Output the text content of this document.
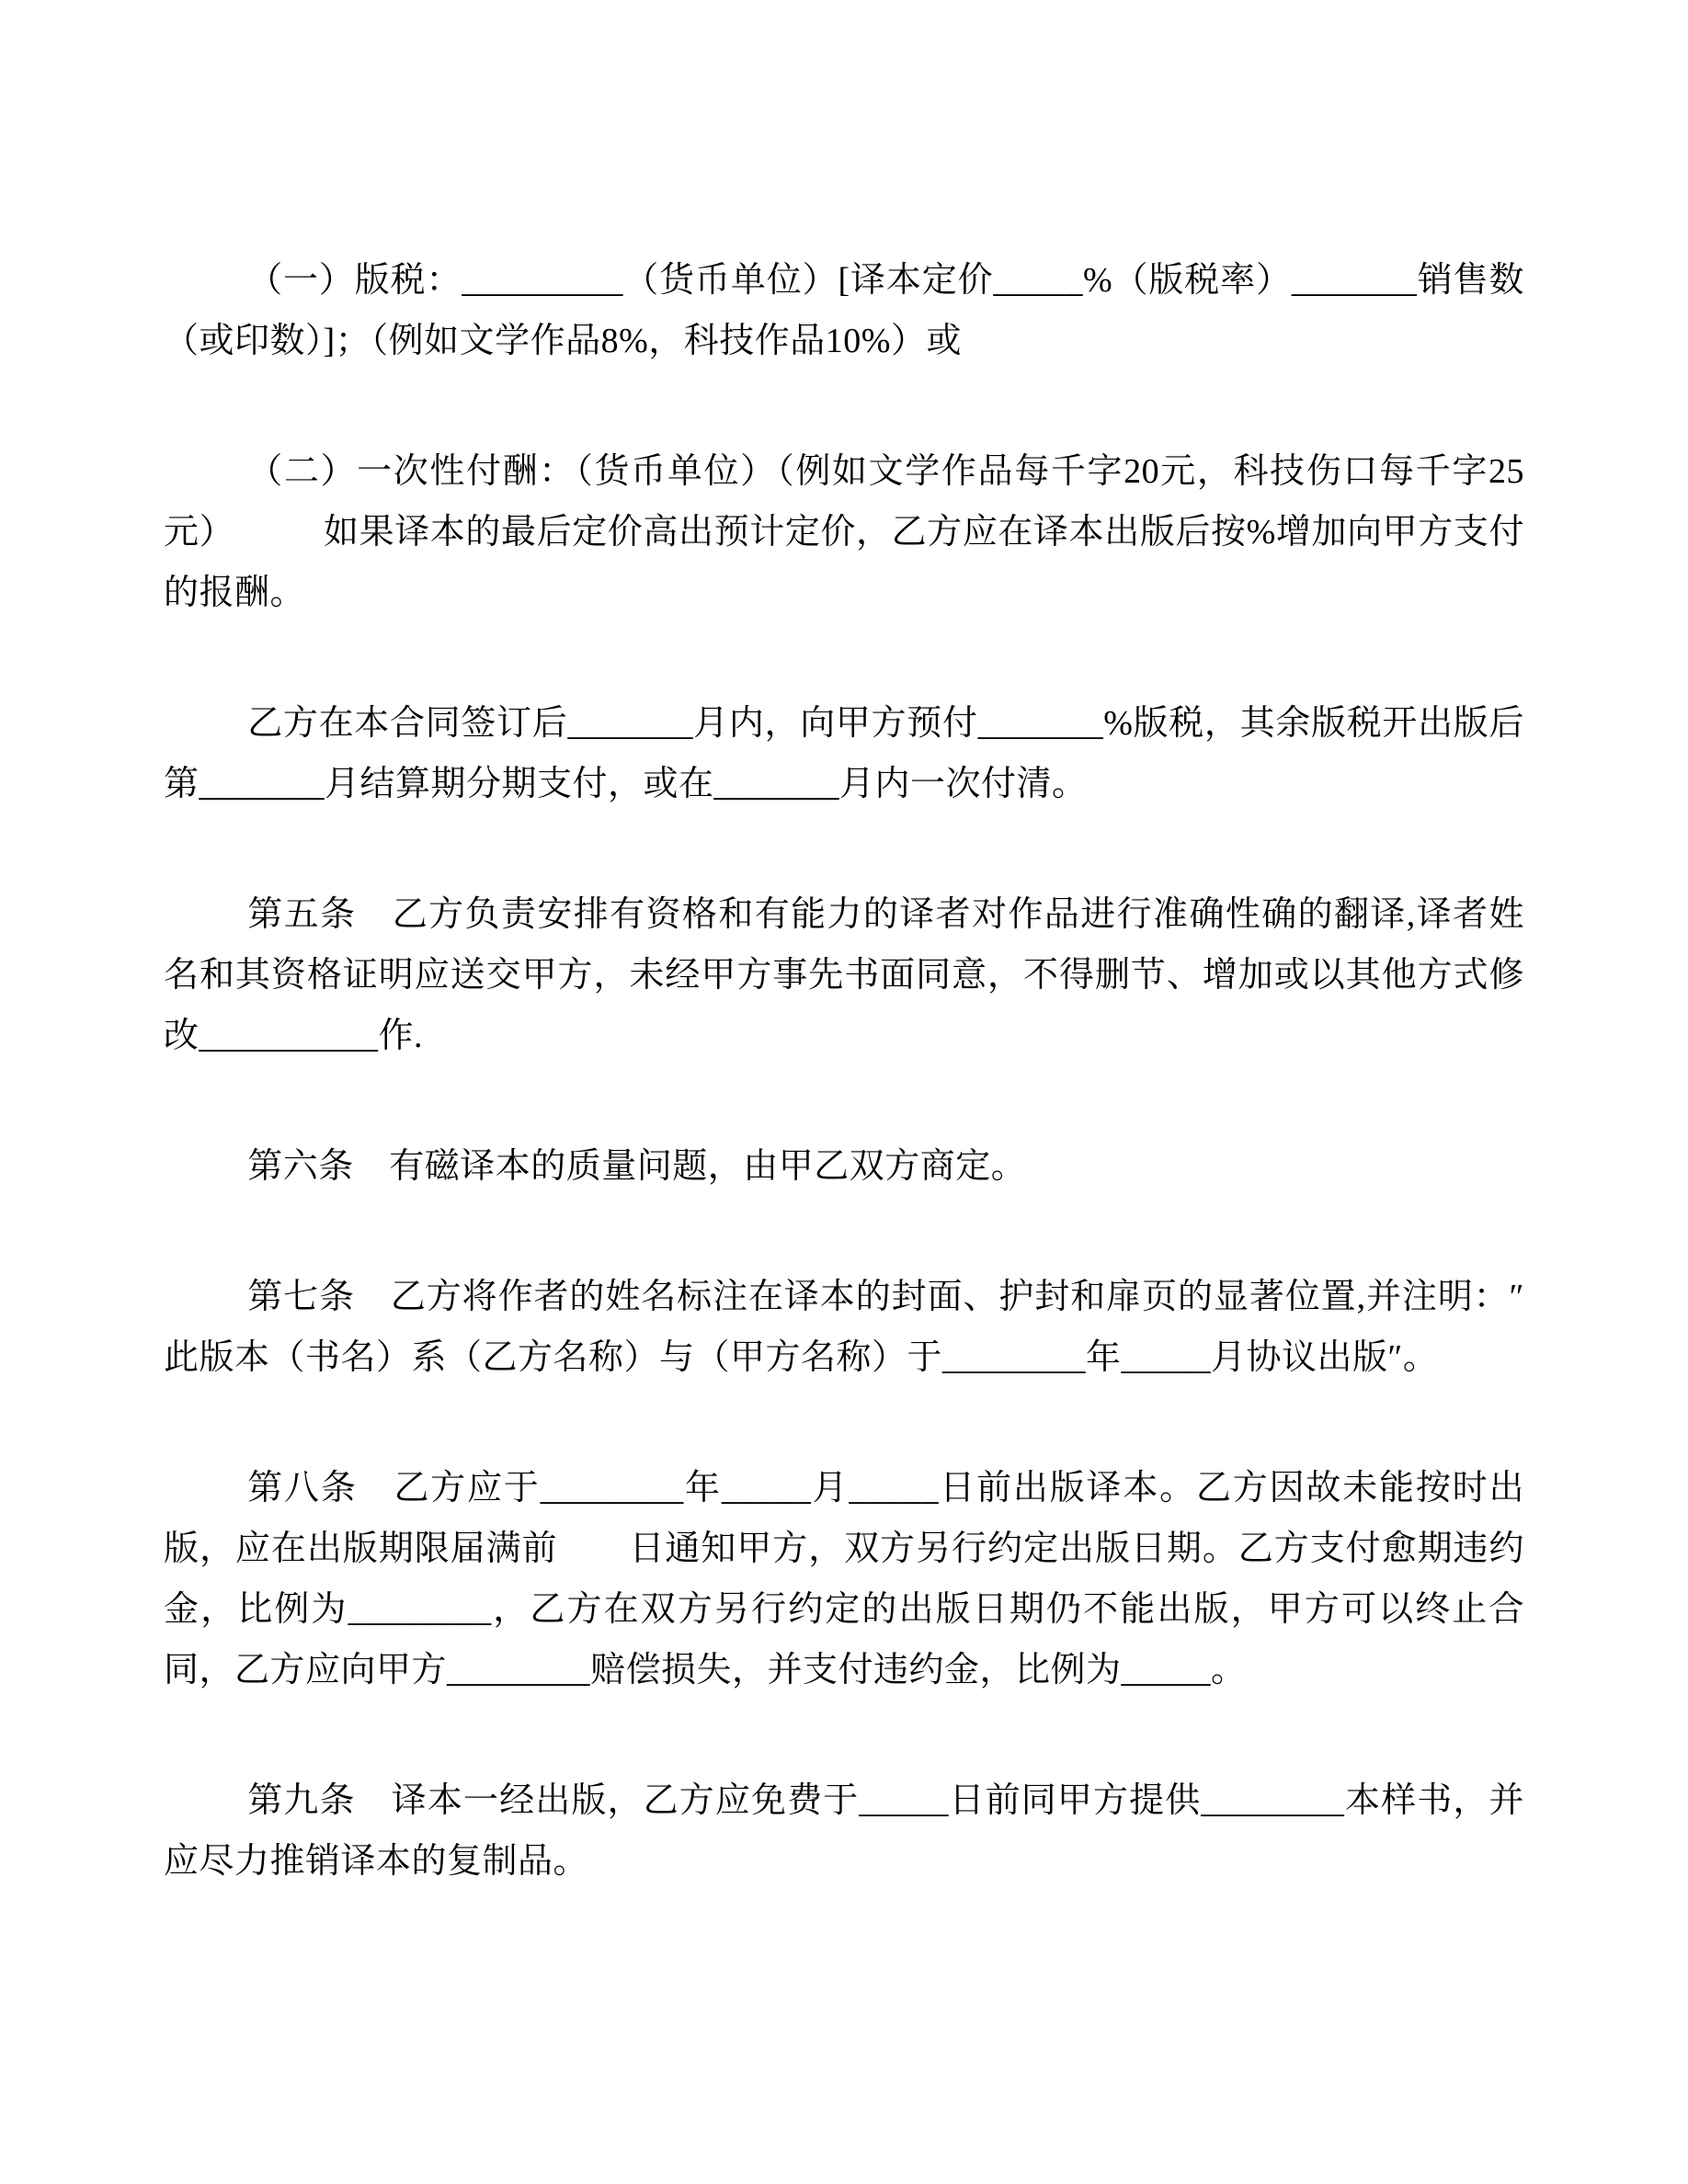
（一）版税：_________（货币单位）[译本定价_____%（版税率）_______销售数（或印数）]；（例如文学作品8%，科技作品10%）或

（二）一次性付酬：（货币单位）（例如文学作品每千字20元，科技伤口每千字25元）　　　如果译本的最后定价高出预计定价，乙方应在译本出版后按%增加向甲方支付的报酬。

乙方在本合同签订后_______月内，向甲方预付_______%版税，其余版税开出版后第_______月结算期分期支付，或在_______月内一次付清。

第五条　乙方负责安排有资格和有能力的译者对作品进行准确性确的翻译,译者姓名和其资格证明应送交甲方，未经甲方事先书面同意，不得删节、增加或以其他方式修改__________作.

第六条　有磁译本的质量问题，由甲乙双方商定。

第七条　乙方将作者的姓名标注在译本的封面、护封和扉页的显著位置,并注明：″此版本（书名）系（乙方名称）与（甲方名称）于________年_____月协议出版″。

第八条　乙方应于________年_____月_____日前出版译本。乙方因故未能按时出版，应在出版期限届满前　　日通知甲方，双方另行约定出版日期。乙方支付愈期违约金，比例为________，乙方在双方另行约定的出版日期仍不能出版，甲方可以终止合同，乙方应向甲方________赔偿损失，并支付违约金，比例为_____。

第九条　译本一经出版，乙方应免费于_____日前同甲方提供________本样书，并应尽力推销译本的复制品。
